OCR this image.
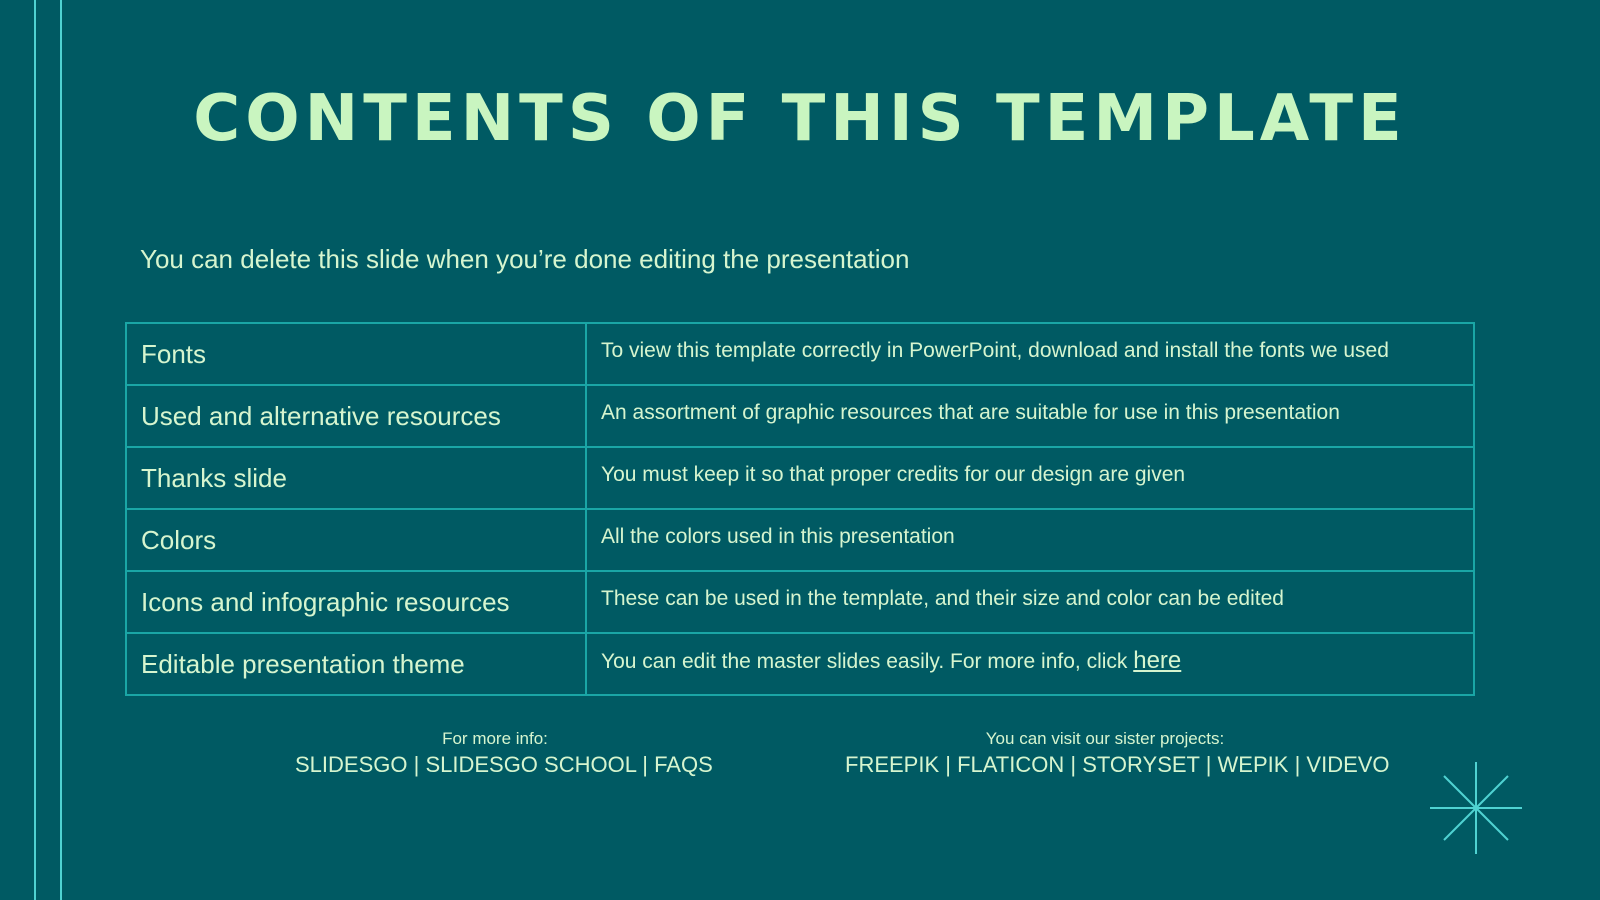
CONTENTS OF THIS TEMPLATE
You can delete this slide when you’re done editing the presentation
Fonts	To view this template correctly in PowerPoint, download and install the fonts we used
Used and alternative resources	An assortment of graphic resources that are suitable for use in this presentation
Thanks slide	You must keep it so that proper credits for our design are given
Colors	All the colors used in this presentation
Icons and infographic resources	These can be used in the template, and their size and color can be edited
Editable presentation theme	You can edit the master slides easily. For more info, click here
For more info:
SLIDESGO | SLIDESGO SCHOOL | FAQS
You can visit our sister projects:
FREEPIK | FLATICON | STORYSET | WEPIK | VIDEVO
